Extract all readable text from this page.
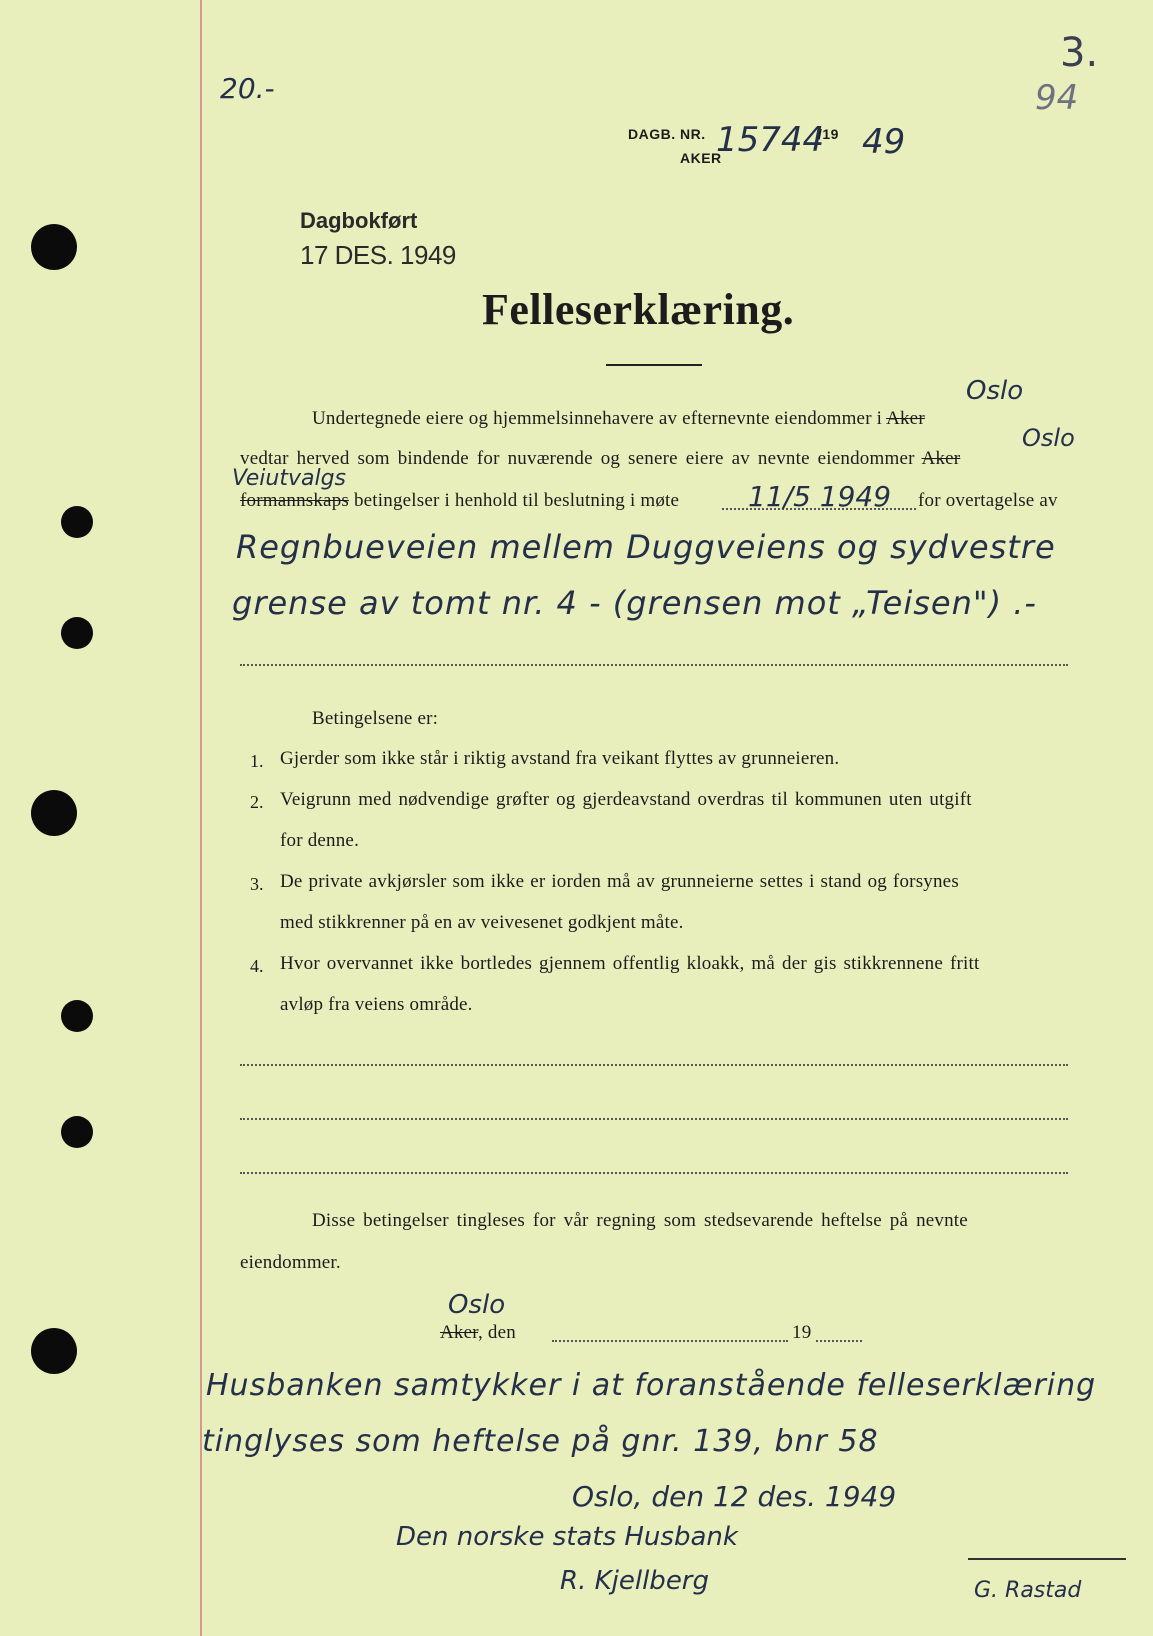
3.
94
20.-
DAGB. NR.
AKER
15744
/19 49
Dagbokført
17 DES. 1949
Felleserklæring.
Oslo
Undertegnede eiere og hjemmelsinnehavere av efternevnte eiendommer i Aker
Oslo
vedtar herved som bindende for nuværende og senere eiere av nevnte eiendommer Aker
Veiutvalgs
formannskaps betingelser i henhold til beslutning i møte 11/5 1949 for overtagelse av
Regnbueveien mellem Duggveiens og sydvestre
grense av tomt nr. 4 - (grensen mot „Teisen") .-
Betingelsene er:
1. Gjerder som ikke står i riktig avstand fra veikant flyttes av grunneieren.
2. Veigrunn med nødvendige grøfter og gjerdeavstand overdras til kommunen uten utgift
for denne.
3. De private avkjørsler som ikke er iorden må av grunneierne settes i stand og forsynes
med stikkrenner på en av veivesenet godkjent måte.
4. Hvor overvannet ikke bortledes gjennem offentlig kloakk, må der gis stikkrennene fritt
avløp fra veiens område.
Disse betingelser tingleses for vår regning som stedsevarende heftelse på nevnte
eiendommer.
Oslo
Aker, den	19
Husbanken samtykker i at foranstående felleserklæring
tinglyses som heftelse på gnr. 139, bnr 58
Oslo, den 12 des. 1949
Den norske stats Husbank
R. Kjellberg	G. Rastad
